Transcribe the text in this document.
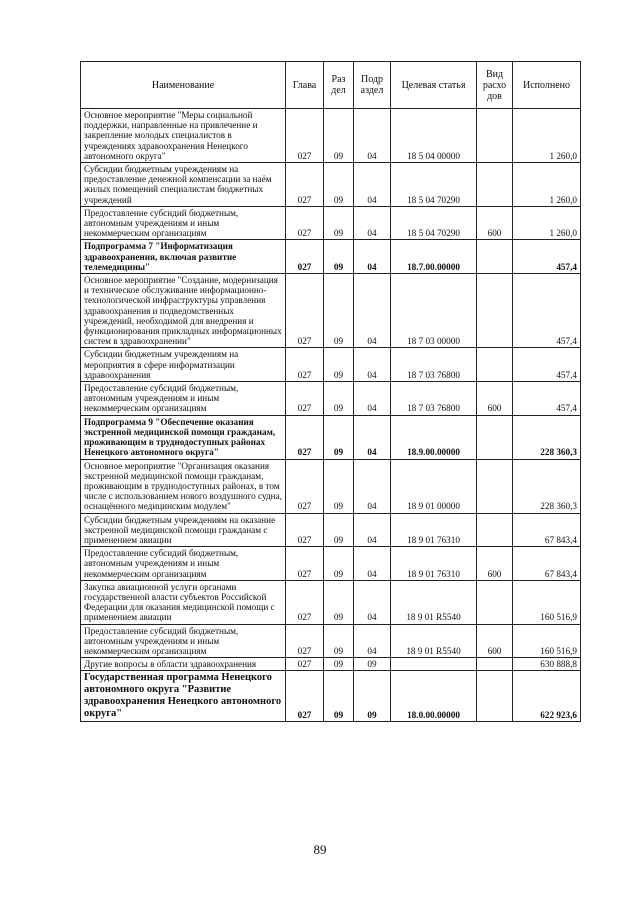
Наименование	Глава	Раз дел	Подр аздел	Целевая статья	Вид расхо дов	Исполнено
Основное мероприятие "Меры социальной поддержки, направленные на привлечение и закрепление молодых специалистов в учреждениях здравоохранения Ненецкого автономного округа"	027	09	04	18 5 04 00000		1 260,0
Субсидии бюджетным учреждениям на предоставление денежной компенсации за наём жилых помещений специалистам бюджетных учреждений	027	09	04	18 5 04 70290		1 260,0
Предоставление субсидий бюджетным, автономным учреждениям и иным некоммерческим организациям	027	09	04	18 5 04 70290	600	1 260,0
Подпрограмма 7 "Информатизация здравоохранения, включая развитие телемедицины"	027	09	04	18.7.00.00000		457,4
Основное мероприятие "Создание, модернизация и техническое обслуживание информационно-технологической инфраструктуры управления здравоохранения и подведомственных учреждений, необходимой для внедрения и функционирования прикладных информационных систем в здравоохранении"	027	09	04	18 7 03 00000		457,4
Субсидии бюджетным учреждениям на мероприятия в сфере информатизации здравоохранения	027	09	04	18 7 03 76800		457,4
Предоставление субсидий бюджетным, автономным учреждениям и иным некоммерческим организациям	027	09	04	18 7 03 76800	600	457,4
Подпрограмма 9 "Обеспечение оказания экстренной медицинской помощи гражданам, проживающим в труднодоступных районах Ненецкого автономного округа"	027	09	04	18.9.00.00000		228 360,3
Основное мероприятие "Организация оказания экстренной медицинской помощи гражданам, проживающим в труднодоступных районах, в том числе с использованием нового воздушного судна, оснащённого медицинским модулем"	027	09	04	18 9 01 00000		228 360,3
Субсидии бюджетным учреждениям на оказание экстренной медицинской помощи гражданам с применением авиации	027	09	04	18 9 01 76310		67 843,4
Предоставление субсидий бюджетным, автономным учреждениям и иным некоммерческим организациям	027	09	04	18 9 01 76310	600	67 843,4
Закупка авиационной услуги органами государственной власти субъектов Российской Федерации для оказания медицинской помощи с применением авиации	027	09	04	18 9 01 R5540		160 516,9
Предоставление субсидий бюджетным, автономным учреждениям и иным некоммерческим организациям	027	09	04	18 9 01 R5540	600	160 516,9
Другие вопросы в области здравоохранения	027	09	09			630 888,8
Государственная программа Ненецкого автономного округа "Развитие здравоохранения Ненецкого автономного округа"	027	09	09	18.0.00.00000		622 923,6
89
